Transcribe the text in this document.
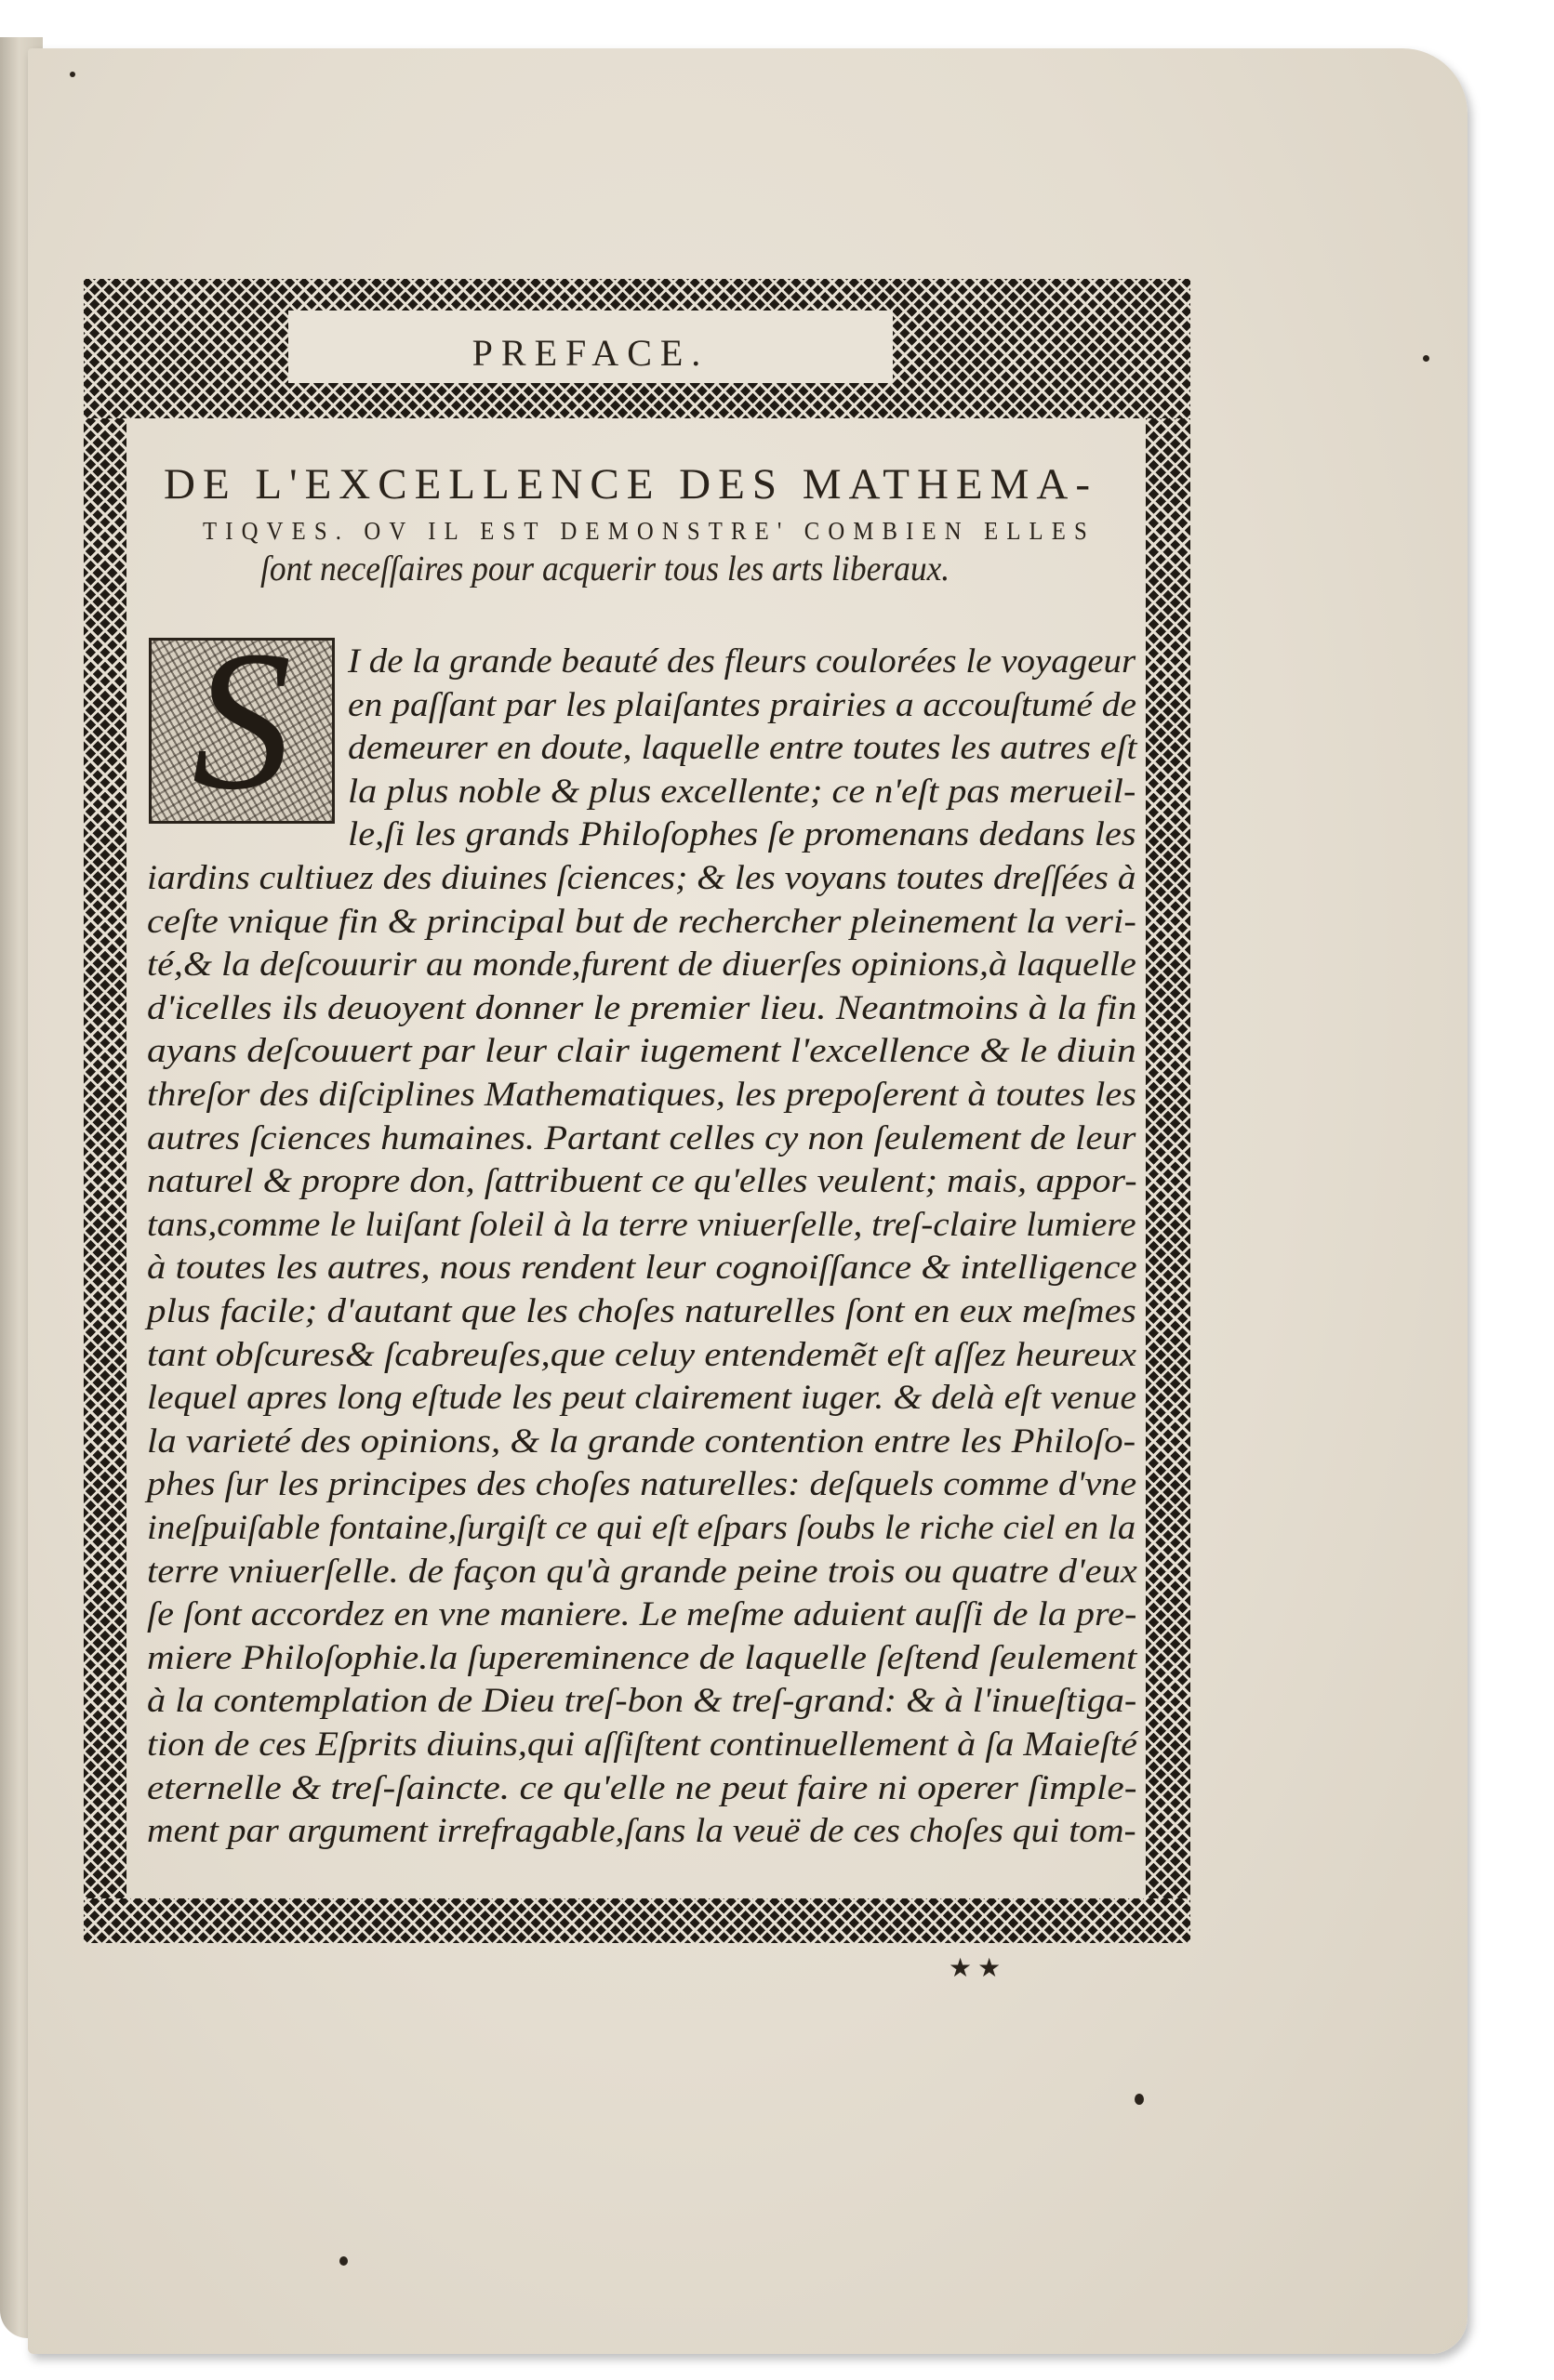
PREFACE.
DE L'EXCELLENCE DES MATHEMA-
TIQVES. OV IL EST DEMONSTRE' COMBIEN ELLES
ſont neceſſaires pour acquerir tous les arts liberaux.
S	I de la grande beauté des fleurs coulorées le voyageur
en paſſant par les plaiſantes prairies a accouſtumé de
demeurer en doute, laquelle entre toutes les autres eſt
la plus noble & plus excellente; ce n'eſt pas merueil-
le,ſi les grands Philoſophes ſe promenans dedans les
iardins cultiuez des diuines ſciences; & les voyans toutes dreſſées à
ceſte vnique fin & principal but de rechercher pleinement la veri-
té,& la deſcouurir au monde,furent de diuerſes opinions,à laquelle
d'icelles ils deuoyent donner le premier lieu. Neantmoins à la fin
ayans deſcouuert par leur clair iugement l'excellence & le diuin
threſor des diſciplines Mathematiques, les prepoſerent à toutes les
autres ſciences humaines. Partant celles cy non ſeulement de leur
naturel & propre don, ſattribuent ce qu'elles veulent; mais, appor-
tans,comme le luiſant ſoleil à la terre vniuerſelle, treſ-claire lumiere
à toutes les autres, nous rendent leur cognoiſſance & intelligence
plus facile; d'autant que les choſes naturelles ſont en eux meſmes
tant obſcures& ſcabreuſes,que celuy entendemẽt eſt aſſez heureux
lequel apres long eſtude les peut clairement iuger. & delà eſt venue
la varieté des opinions, & la grande contention entre les Philoſo-
phes ſur les principes des choſes naturelles: deſquels comme d'vne
ineſpuiſable fontaine,ſurgiſt ce qui eſt eſpars ſoubs le riche ciel en la
terre vniuerſelle. de façon qu'à grande peine trois ou quatre d'eux
ſe ſont accordez en vne maniere. Le meſme aduient auſſi de la pre-
miere Philoſophie.la ſupereminence de laquelle ſeſtend ſeulement
à la contemplation de Dieu treſ-bon & treſ-grand: & à l'inueſtiga-
tion de ces Eſprits diuins,qui aſſiſtent continuellement à ſa Maieſté
eternelle & treſ-ſaincte. ce qu'elle ne peut faire ni operer ſimple-
ment par argument irrefragable,ſans la veuë de ces choſes qui tom-
★★
